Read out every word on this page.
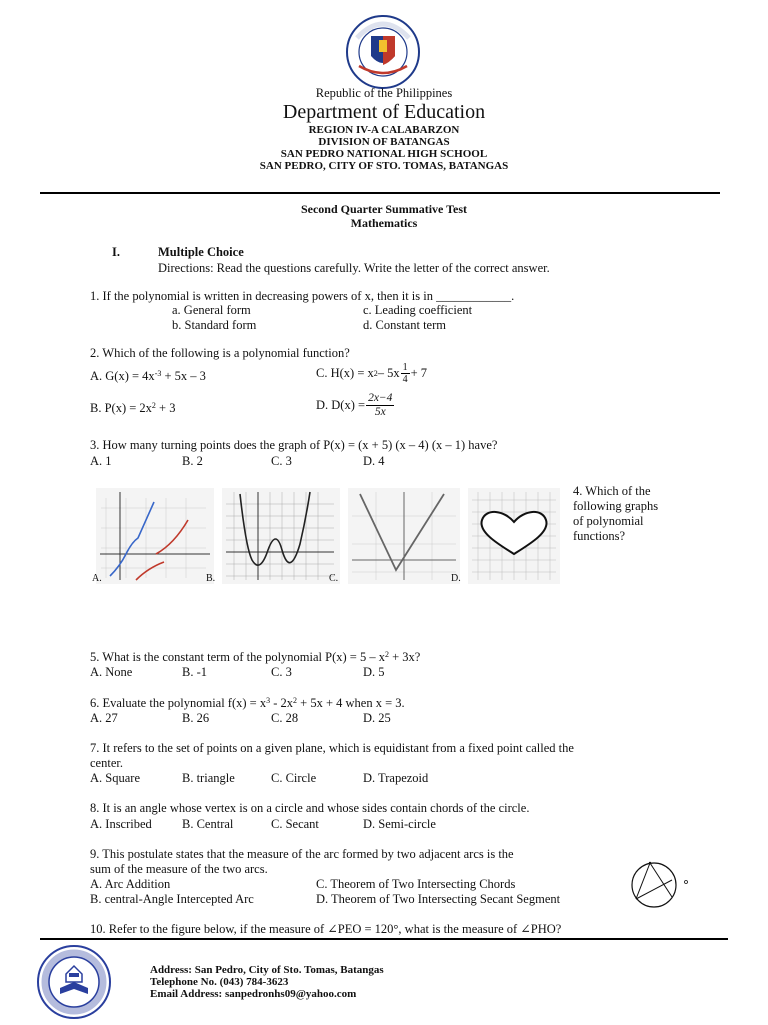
Republic of the Philippines
Department of Education
REGION IV-A CALABARZON
DIVISION OF BATANGAS
SAN PEDRO NATIONAL HIGH SCHOOL
SAN PEDRO, CITY OF STO. TOMAS, BATANGAS
Second Quarter Summative Test
Mathematics
I.	Multiple Choice
Directions: Read the questions carefully. Write the letter of the correct answer.
1. If the polynomial is written in decreasing powers of x, then it is in ____________.
a. General form	c. Leading coefficient
b. Standard form	d. Constant term
2. Which of the following is a polynomial function?
A. $G(x) = 4x^{-3} + 5x - 3$	C. H(x) = x $2 - 5x \frac{1}{4} + 7$
B. $P(x) = 2x^2 + 3$	D. $D(x) = \frac{2x-4}{5x}$
3. How many turning points does the graph of P(x) = (x + 5) (x – 4) (x – 1) have?
A. 1	B. 2	C. 3	D. 4
A.	B.	C.	D.
4. Which of the
following graphs
of polynomial
functions?
5. What is the constant term of the polynomial $P(x) = 5 - x^2 + 3x$?
A. None	B. -1	C. 3	D. 5
6. Evaluate the polynomial $f(x) = x^3 - 2x^2 + 5x + 4$ when x = 3.
A. 27	B. 26	C. 28	D. 25
7. It refers to the set of points on a given plane, which is equidistant from a fixed point called the
center.
A. Square	B. triangle	C. Circle	D. Trapezoid
8. It is an angle whose vertex is on a circle and whose sides contain chords of the circle.
A. Inscribed B. Central	C. Secant	D. Semi-circle
9. This postulate states that the measure of the arc formed by two adjacent arcs is the
sum of the measure of the two arcs.
A. Arc Addition	C. Theorem of Two Intersecting Chords
B. central-Angle Intercepted Arc	D. Theorem of Two Intersecting Secant Segment
10. Refer to the figure below, if the measure of ∠PEO = 120°, what is the measure of ∠PHO?
Address: San Pedro, City of Sto. Tomas, Batangas
Telephone No. (043) 784-3623
Email Address: sanpedronhs09@yahoo.com
